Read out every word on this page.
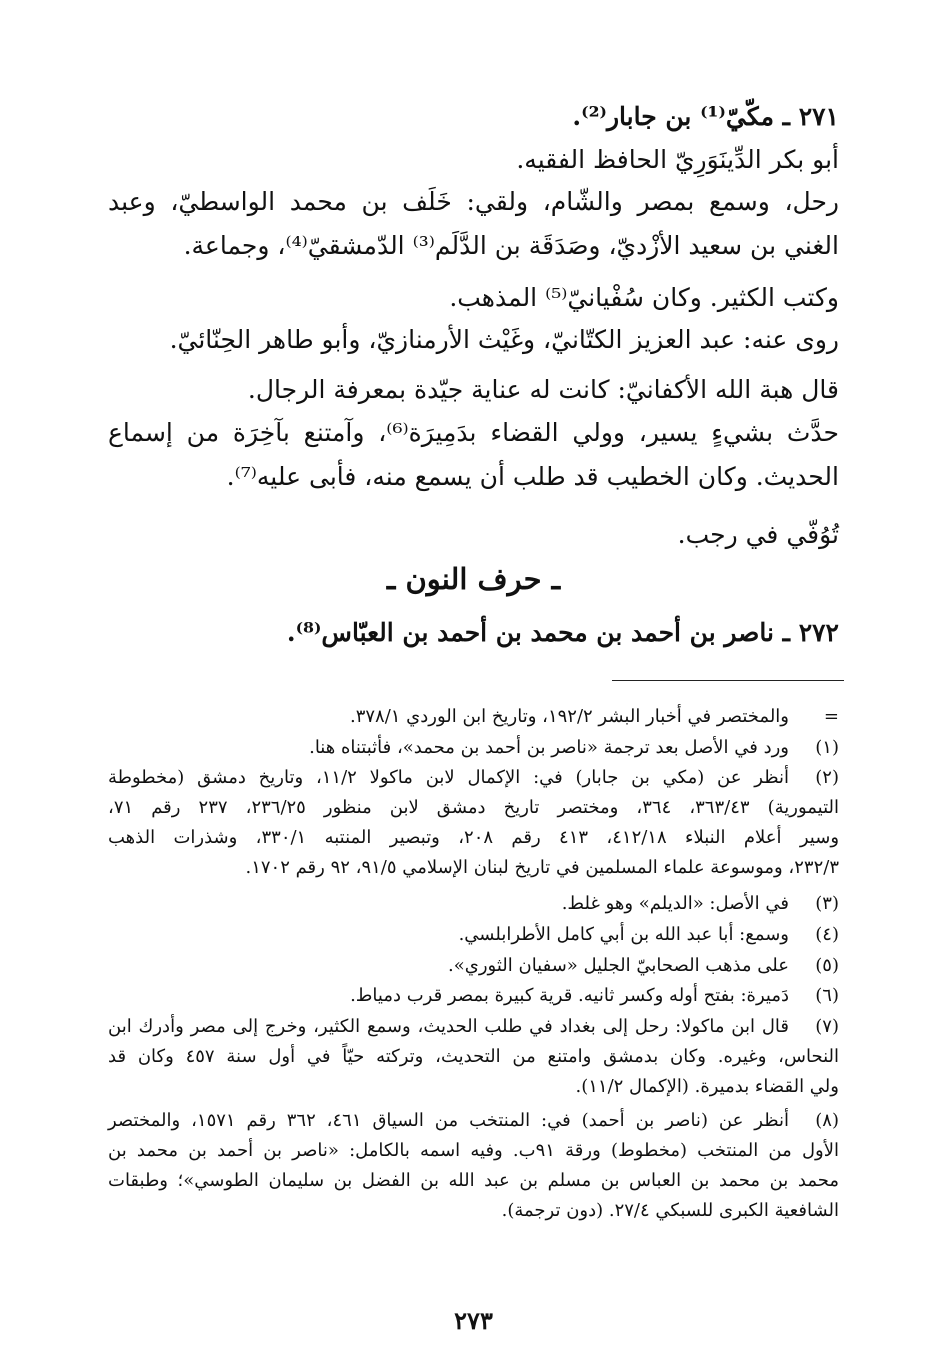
٢٧١ ـ مكّيّ⁽¹⁾ بن جابار⁽²⁾.
أبو بكر الدِّينَوَرِيّ الحافظ الفقيه.
رحل، وسمع بمصر والشّام، ولقي: خَلَف بن محمد الواسطيّ، وعبد
الغني بن سعيد الأزْديّ، وصَدَقَة بن الدَّلَم⁽³⁾ الدّمشقيّ⁽⁴⁾، وجماعة.
وكتب الكثير. وكان سُفْيانيّ⁽⁵⁾ المذهب.
روى عنه: عبد العزيز الكتّانيّ، وغَيْث الأرمنازيّ، وأبو طاهر الحِنّائيّ.
قال هبة الله الأكفانيّ: كانت له عناية جيّدة بمعرفة الرجال.
حدَّث بشيءٍ يسير، وولي القضاء بدَمِيرَة⁽⁶⁾، وآمتنع بآخِرَة من إسماع
الحديث. وكان الخطيب قد طلب أن يسمع منه، فأبى عليه⁽⁷⁾.
تُوُفّي في رجب.
٢٧٢ ـ ناصر بن أحمد بن محمد بن أحمد بن العبّاس⁽⁸⁾.
ـ حرف النون ـ
=
والمختصر في أخبار البشر ١٩٢/٢، وتاريخ ابن الوردي ٣٧٨/١.
(١)
ورد في الأصل بعد ترجمة «ناصر بن أحمد بن محمد»، فأثبتناه هنا.
(٢)
أنظر عن (مكي بن جابار) في: الإكمال لابن ماكولا ١١/٢، وتاريخ دمشق (مخطوطة
التيمورية) ٣٦٣/٤٣، ٣٦٤، ومختصر تاريخ دمشق لابن منظور ٢٣٦/٢٥، ٢٣٧ رقم ٧١،
وسير أعلام النبلاء ٤١٢/١٨، ٤١٣ رقم ٢٠٨، وتبصير المنتبه ٣٣٠/١، وشذرات الذهب
٢٣٢/٣، وموسوعة علماء المسلمين في تاريخ لبنان الإسلامي ٩١/٥، ٩٢ رقم ١٧٠٢.
(٣)
في الأصل: «الديلم» وهو غلط.
(٤)
وسمع: أبا عبد الله بن أبي كامل الأطرابلسي.
(٥)
على مذهب الصحابيّ الجليل «سفيان الثوري».
(٦)
دَميرة: بفتح أوله وكسر ثانيه. قرية كبيرة بمصر قرب دمياط.
(٧)
قال ابن ماكولا: رحل إلى بغداد في طلب الحديث، وسمع الكثير، وخرج إلى مصر وأدرك ابن
النحاس، وغيره. وكان بدمشق وامتنع من التحديث، وتركته حيّاً في أول سنة ٤٥٧ وكان قد
ولي القضاء بدميرة. (الإكمال ١١/٢).
(٨)
أنظر عن (ناصر بن أحمد) في: المنتخب من السياق ٤٦١، ٣٦٢ رقم ١٥٧١، والمختصر
الأول من المنتخب (مخطوط) ورقة ٩١ب. وفيه اسمه بالكامل: «ناصر بن أحمد بن محمد بن
محمد بن محمد بن العباس بن مسلم بن عبد الله بن الفضل بن سليمان الطوسي»؛ وطبقات
الشافعية الكبرى للسبكي ٢٧/٤. (دون ترجمة).
٢٧٣
